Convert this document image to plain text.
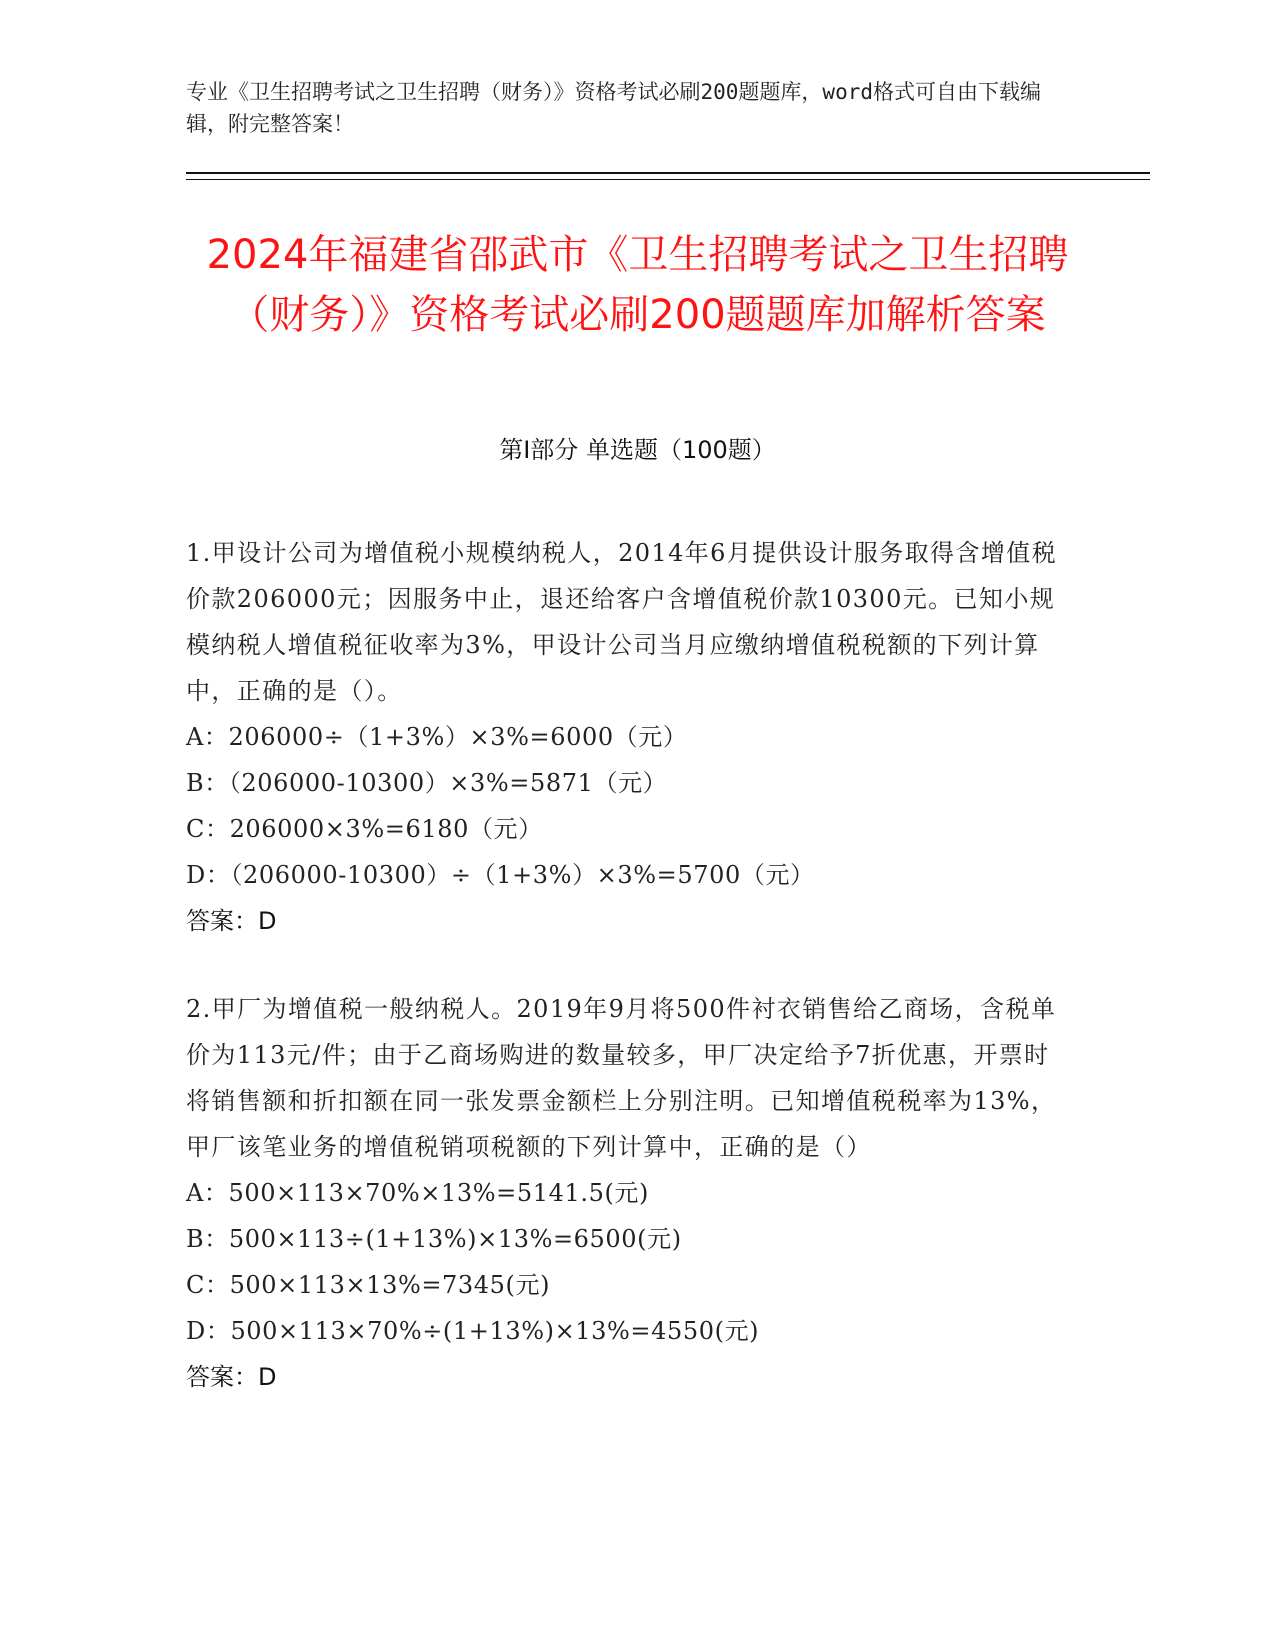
专业《卫生招聘考试之卫生招聘（财务）》资格考试必刷200题题库，word格式可自由下载编辑，附完整答案！
2024年福建省邵武市《卫生招聘考试之卫生招聘（财务）》资格考试必刷200题题库加解析答案
第Ⅰ部分 单选题（100题）

1.甲设计公司为增值税小规模纳税人，2014年6月提供设计服务取得含增值税价款206000元；因服务中止，退还给客户含增值税价款10300元。已知小规模纳税人增值税征收率为3%，甲设计公司当月应缴纳增值税税额的下列计算中，正确的是（）。

A：206000÷（1+3%）×3%=6000（元）
B：（206000-10300）×3%=5871（元）
C：206000×3%=6180（元）
D：（206000-10300）÷（1+3%）×3%=5700（元）
答案：D

2.甲厂为增值税一般纳税人。2019年9月将500件衬衣销售给乙商场，含税单价为113元/件；由于乙商场购进的数量较多，甲厂决定给予7折优惠，开票时将销售额和折扣额在同一张发票金额栏上分别注明。已知增值税税率为13%，甲厂该笔业务的增值税销项税额的下列计算中，正确的是（）

A：500×113×70%×13%=5141.5(元)
B：500×113÷(1+13%)×13%=6500(元)
C：500×113×13%=7345(元)
D：500×113×70%÷(1+13%)×13%=4550(元)
答案：D
